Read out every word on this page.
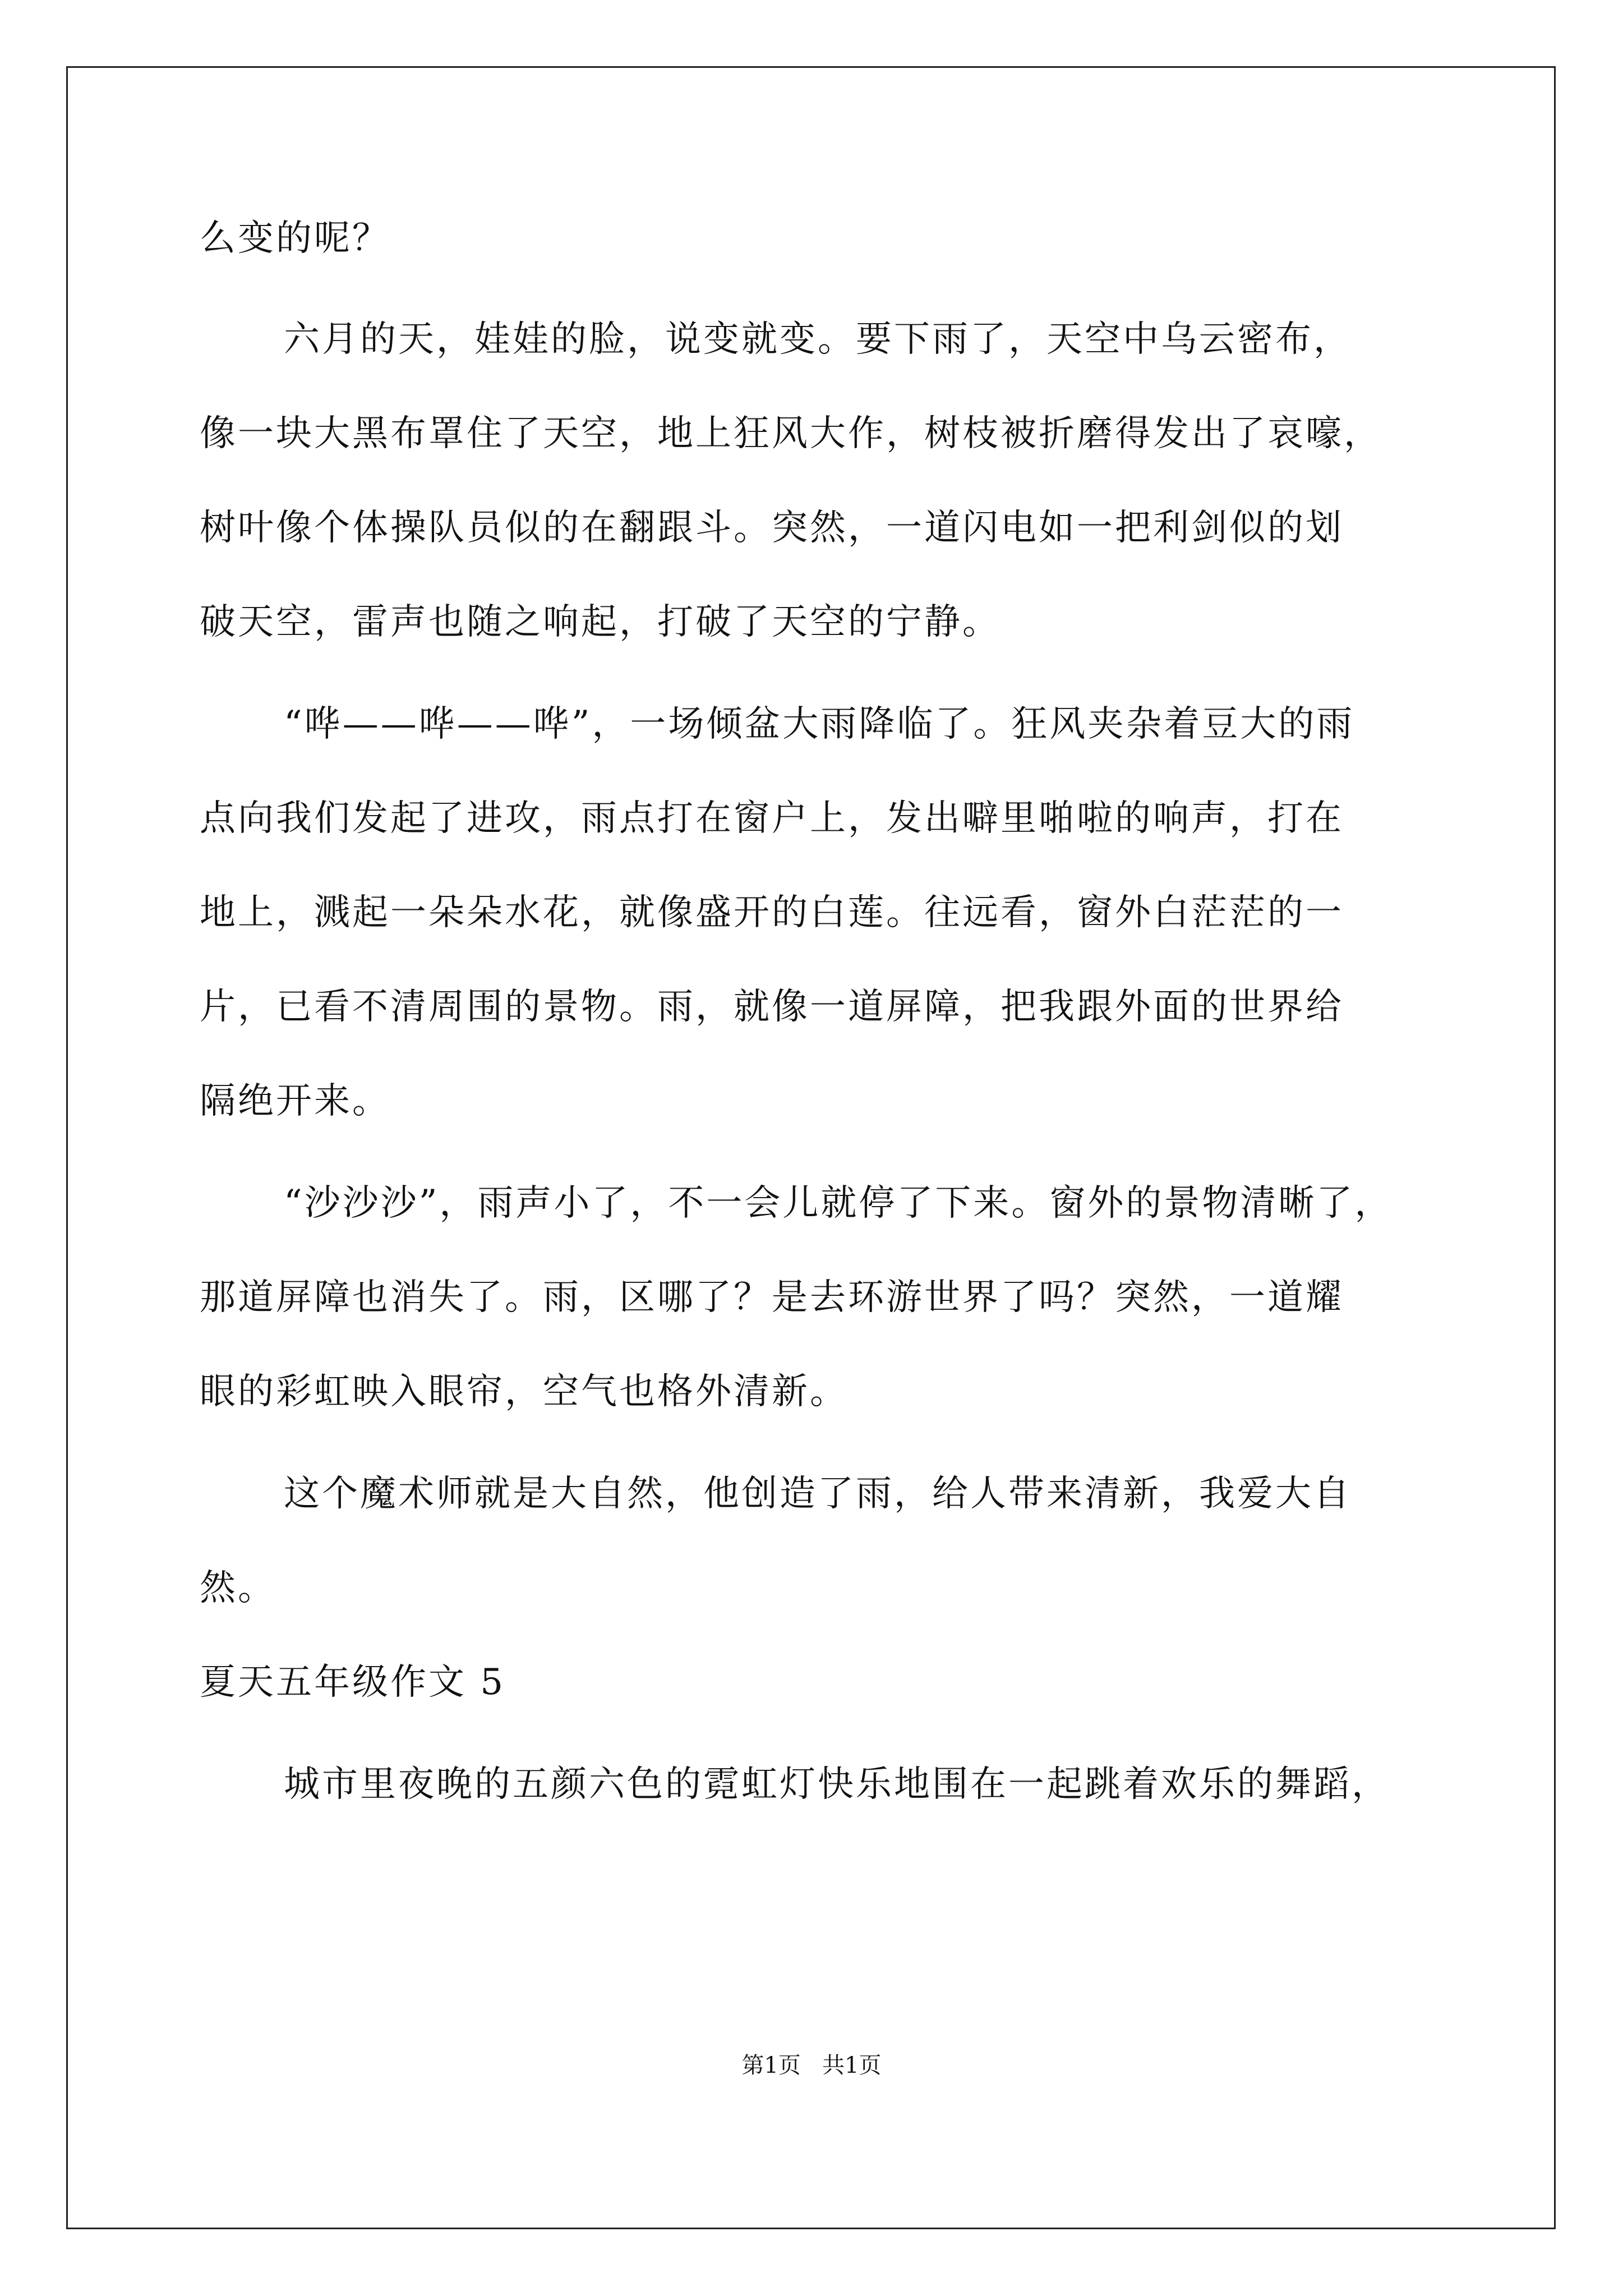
么变的呢？
六月的天，娃娃的脸，说变就变。要下雨了，天空中乌云密布，
像一块大黑布罩住了天空，地上狂风大作，树枝被折磨得发出了哀嚎，
树叶像个体操队员似的在翻跟斗。突然，一道闪电如一把利剑似的划
破天空，雷声也随之响起，打破了天空的宁静。
“哗——哗——哗”，一场倾盆大雨降临了。狂风夹杂着豆大的雨
点向我们发起了进攻，雨点打在窗户上，发出噼里啪啦的响声，打在
地上，溅起一朵朵水花，就像盛开的白莲。往远看，窗外白茫茫的一
片，已看不清周围的景物。雨，就像一道屏障，把我跟外面的世界给
隔绝开来。
“沙沙沙”，雨声小了，不一会儿就停了下来。窗外的景物清晰了，
那道屏障也消失了。雨，区哪了？是去环游世界了吗？突然，一道耀
眼的彩虹映入眼帘，空气也格外清新。
这个魔术师就是大自然，他创造了雨，给人带来清新，我爱大自
然。
夏天五年级作文 5
城市里夜晚的五颜六色的霓虹灯快乐地围在一起跳着欢乐的舞蹈，
第1页   共1页
